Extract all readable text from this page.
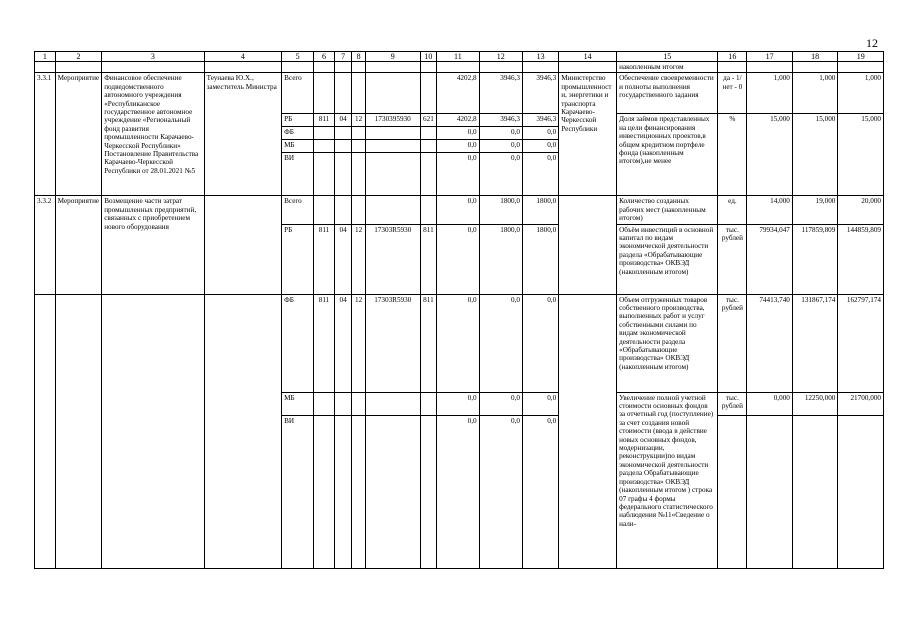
12
1	2	3	4	5	6	7	8	9	10	11	12	13	14	15	16	17	18	19
														накопленным итогом				
3.3.1	Мероприятие	Финансовое обеспечение подведомственного автономного учреждения «Республиканское государственное автономное учреждение «Региональный фонд развития промышленности Карачаево-Черкесской Республики» Постановление Правительства Карачаево-Черкесской Республики от 28.01.2021 №5	Теунаева Ю.Х., заместитель Министра	Всего						4202,8	3946,3	3946,3	Министерство промышленности, энергетики и транспорта Карачаево-Черкесской Республики	Обеспечение своевременности и полноты выполнения государственного задания	да - 1/нет - 0	1,000	1,000	1,000
				РБ	811	04	12	1730395930	621	4202,8	3946,3	3946,3		Доля займов представленных на цели финансирования инвестиционных проектов,в общем кредитном портфеле фонда (накопленным итогом),не менее	%	15,000	15,000	15,000
				ФБ						0,0	0,0	0,0						
				МБ						0,0	0,0	0,0						
				ВИ						0,0	0,0	0,0						
3.3.2	Мероприятие	Возмещение части затрат промышленных предприятий, связанных с приобретением нового оборудования		Всего						0,0	1800,0	1800,0		Количество созданных рабочих мест (накопленным итогом)	ед.	14,000	19,000	20,000
				РБ	811	04	12	17303R5930	811	0,0	1800,0	1800,0		Объём инвестиций в основной капитал по видам экономической деятельности раздела «Обрабатывающие производства» ОКВЭД (накопленным итогом)	тыс. рублей	79934,047	117859,809	144859,809
				ФБ	811	04	12	17303R5930	811	0,0	0,0	0,0		Объем отгруженных товаров собственного производства, выполненных работ и услуг собственными силами по видам экономической деятельности раздела «Обрабатывающие производства» ОКВЭД (накопленным итогом)	тыс. рублей	74413,740	131867,174	162797,174
				МБ						0,0	0,0	0,0		Увеличение полной учетной стоимости основных фондов за отчетный год (поступление) за счет создания новой стоимости (ввода в действие новых основных фондов, модернизации, реконструкции)по видам экономической деятельности раздела Обрабатывающие производства» ОКВЭД (накопленным итогом ) строка 07 графы 4 формы федерального статистического наблюдения №11«Сведение о нали-	тыс. рублей	0,000	12250,000	21700,000
				ВИ						0,0	0,0	0,0						
